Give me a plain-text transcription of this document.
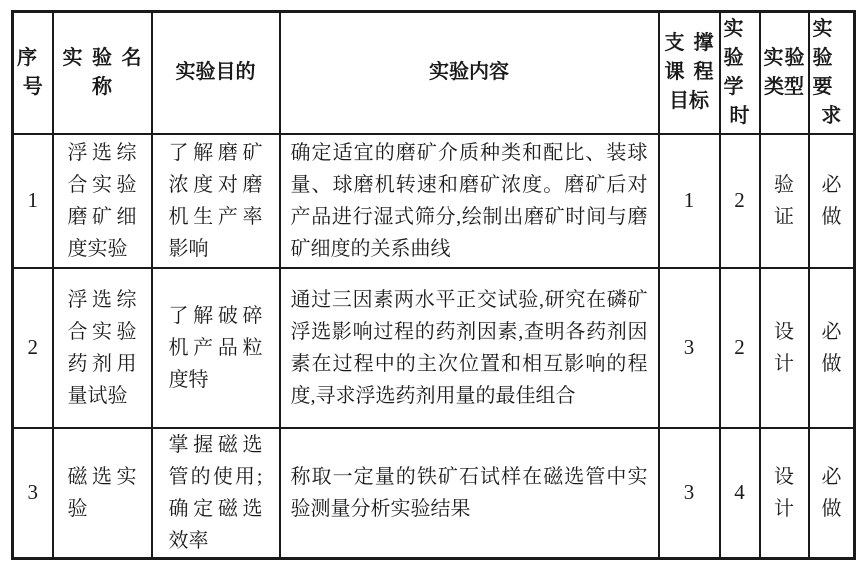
序号	实验名称	实验目的	实验内容	支撑课程目标	实验学时	实验类型	实验要求
1	浮选综合实验磨矿细度实验	了解磨矿浓度对磨机生产率影响	确定适宜的磨矿介质种类和配比、装球量、球磨机转速和磨矿浓度。磨矿后对产品进行湿式筛分,绘制出磨矿时间与磨矿细度的关系曲线	1	2	验证	必做
2	浮选综合实验药剂用量试验	了解破碎机产品粒度特	通过三因素两水平正交试验,研究在磷矿浮选影响过程的药剂因素,查明各药剂因素在过程中的主次位置和相互影响的程度,寻求浮选药剂用量的最佳组合	3	2	设计	必做
3	磁选实验	掌握磁选管的使用;确定磁选效率	称取一定量的铁矿石试样在磁选管中实验测量分析实验结果	3	4	设计	必做
